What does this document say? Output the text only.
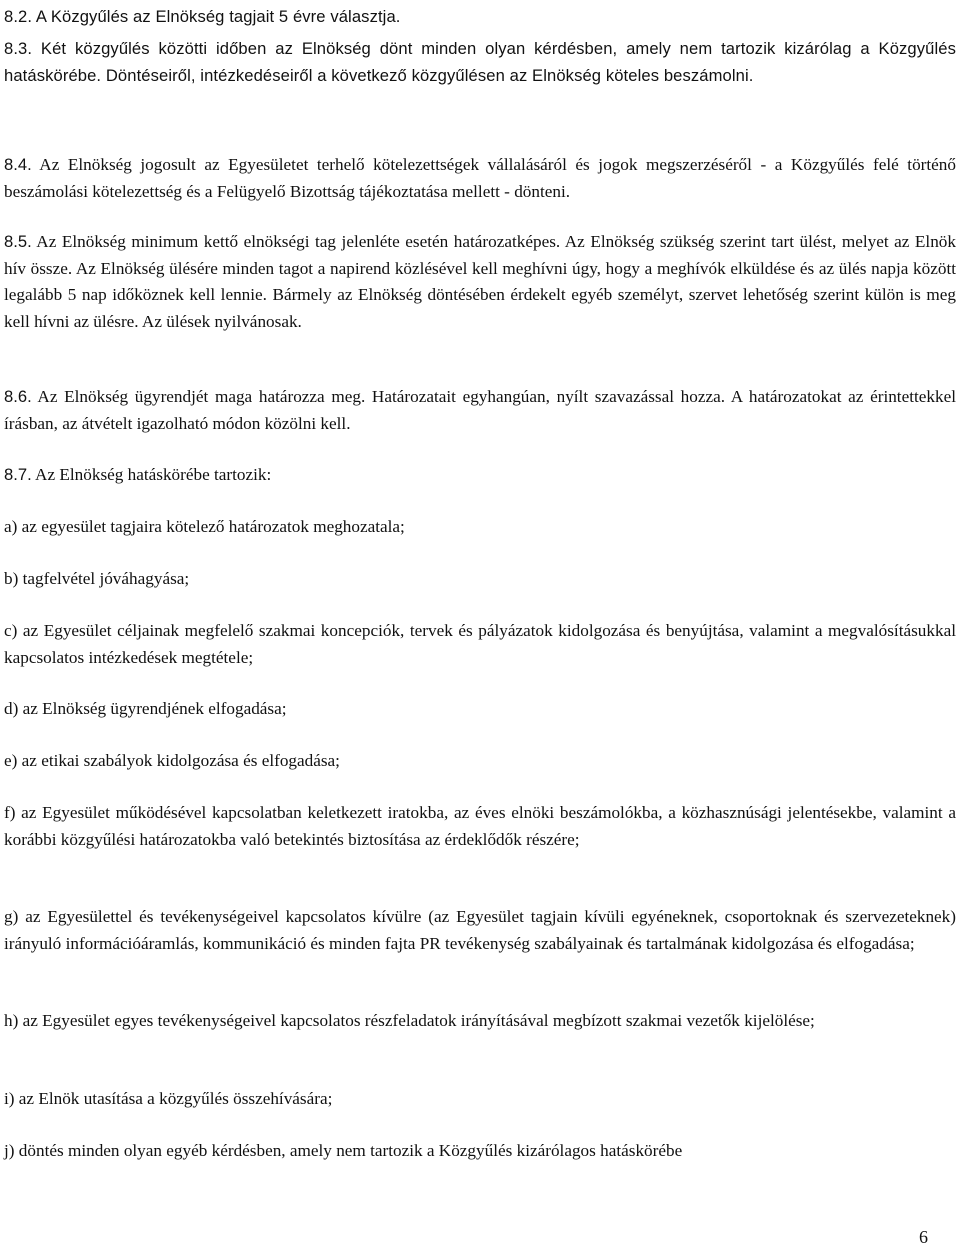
8.2. A Közgyűlés az Elnökség tagjait 5 évre választja.

8.3. Két közgyűlés közötti időben az Elnökség dönt minden olyan kérdésben, amely nem tartozik kizárólag a Közgyűlés hatáskörébe. Döntéseiről, intézkedéseiről a következő közgyűlésen az Elnökség köteles beszámolni.

8.4. Az Elnökség jogosult az Egyesületet terhelő kötelezettségek vállalásáról és jogok megszerzéséről - a Közgyűlés felé történő beszámolási kötelezettség és a Felügyelő Bizottság tájékoztatása mellett - dönteni.

8.5. Az Elnökség minimum kettő elnökségi tag jelenléte esetén határozatképes. Az Elnökség szükség szerint tart ülést, melyet az Elnök hív össze. Az Elnökség ülésére minden tagot a napirend közlésével kell meghívni úgy, hogy a meghívók elküldése és az ülés napja között legalább 5 nap időköznek kell lennie. Bármely az Elnökség döntésében érdekelt egyéb személyt, szervet lehetőség szerint külön is meg kell hívni az ülésre. Az ülések nyilvánosak.

8.6. Az Elnökség ügyrendjét maga határozza meg. Határozatait egyhangúan, nyílt szavazással hozza. A határozatokat az érintettekkel írásban, az átvételt igazolható módon közölni kell.

8.7. Az Elnökség hatáskörébe tartozik:

a) az egyesület tagjaira kötelező határozatok meghozatala;

b) tagfelvétel jóváhagyása;

c) az Egyesület céljainak megfelelő szakmai koncepciók, tervek és pályázatok kidolgozása és benyújtása, valamint a megvalósításukkal kapcsolatos intézkedések megtétele;

d) az Elnökség ügyrendjének elfogadása;

e) az etikai szabályok kidolgozása és elfogadása;

f) az Egyesület működésével kapcsolatban keletkezett iratokba, az éves elnöki beszámolókba, a közhasznúsági jelentésekbe, valamint a korábbi közgyűlési határozatokba való betekintés biztosítása az érdeklődők részére;

g) az Egyesülettel és tevékenységeivel kapcsolatos kívülre (az Egyesület tagjain kívüli egyéneknek, csoportoknak és szervezeteknek) irányuló információáramlás, kommunikáció és minden fajta PR tevékenység szabályainak és tartalmának kidolgozása és elfogadása;

h) az Egyesület egyes tevékenységeivel kapcsolatos részfeladatok irányításával megbízott szakmai vezetők kijelölése;

i) az Elnök utasítása a közgyűlés összehívására;

j) döntés minden olyan egyéb kérdésben, amely nem tartozik a Közgyűlés kizárólagos hatáskörébe

6
